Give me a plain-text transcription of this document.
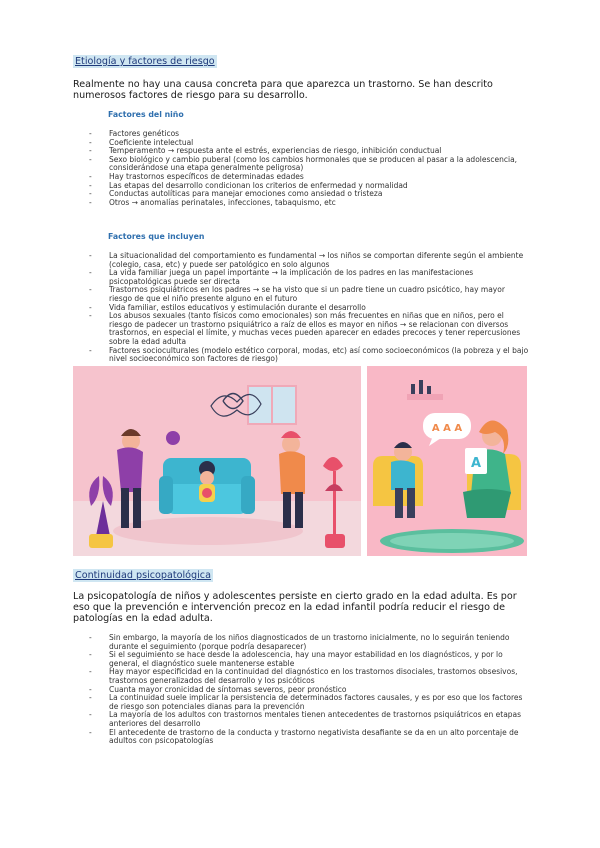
Etiología y factores de riesgo
Realmente no hay una causa concreta para que aparezca un trastorno. Se han descrito numerosos factores de riesgo para su desarrollo.
Factores del niño
- Factores genéticos
- Coeficiente intelectual
- Temperamento → respuesta ante el estrés, experiencias de riesgo, inhibición conductual
- Sexo biológico y cambio puberal (como los cambios hormonales que se producen al pasar a la adolescencia, considerándose una etapa generalmente peligrosa)
- Hay trastornos específicos de determinadas edades
- Las etapas del desarrollo condicionan los criterios de enfermedad y normalidad
- Conductas autolíticas para manejar emociones como ansiedad o tristeza
- Otros → anomalías perinatales, infecciones, tabaquismo, etc
Factores que incluyen
- La situacionalidad del comportamiento es fundamental → los niños se comportan diferente según el ambiente (colegio, casa, etc) y puede ser patológico en solo algunos
- La vida familiar juega un papel importante → la implicación de los padres en las manifestaciones psicopatológicas puede ser directa
- Trastornos psiquiátricos en los padres → se ha visto que si un padre tiene un cuadro psicótico, hay mayor riesgo de que el niño presente alguno en el futuro
- Vida familiar, estilos educativos y estimulación durante el desarrollo
- Los abusos sexuales (tanto físicos como emocionales) son más frecuentes en niñas que en niños, pero el riesgo de padecer un trastorno psiquiátrico a raíz de ellos es mayor en niños → se relacionan con diversos trastornos, en especial el límite, y muchas veces pueden aparecer en edades precoces y tener repercusiones sobre la edad adulta
- Factores socioculturales (modelo estético corporal, modas, etc) así como socioeconómicos (la pobreza y el bajo nivel socioeconómico son factores de riesgo)
A A A
A
Continuidad psicopatológica
La psicopatología de niños y adolescentes persiste en cierto grado en la edad adulta. Es por eso que la prevención e intervención precoz en la edad infantil podría reducir el riesgo de patologías en la edad adulta.
- Sin embargo, la mayoría de los niños diagnosticados de un trastorno inicialmente, no lo seguirán teniendo durante el seguimiento (porque podría desaparecer)
- Si el seguimiento se hace desde la adolescencia, hay una mayor estabilidad en los diagnósticos, y por lo general, el diagnóstico suele mantenerse estable
- Hay mayor especificidad en la continuidad del diagnóstico en los trastornos disociales, trastornos obsesivos, trastornos generalizados del desarrollo y los psicóticos
- Cuanta mayor cronicidad de síntomas severos, peor pronóstico
- La continuidad suele implicar la persistencia de determinados factores causales, y es por eso que los factores de riesgo son potenciales dianas para la prevención
- La mayoría de los adultos con trastornos mentales tienen antecedentes de trastornos psiquiátricos en etapas anteriores del desarrollo
- El antecedente de trastorno de la conducta y trastorno negativista desafiante se da en un alto porcentaje de adultos con psicopatologías
